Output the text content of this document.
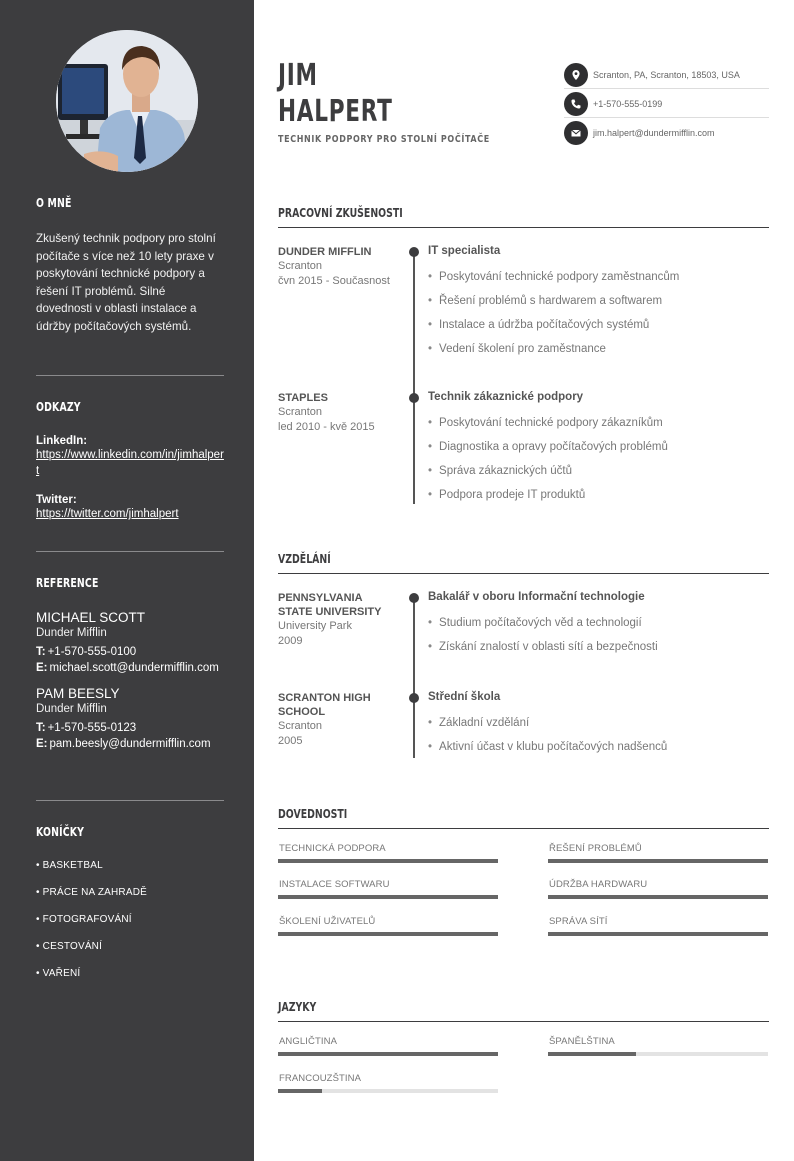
O MNĚ
Zkušený technik podpory pro stolní počítače s více než 10 lety praxe v poskytování technické podpory a řešení IT problémů. Silné dovednosti v oblasti instalace a údržby počítačových systémů.
ODKAZY
LinkedIn:
https://www.linkedin.com/in/jimhalpert
Twitter:
https://twitter.com/jimhalpert
REFERENCE
MICHAEL SCOTT
Dunder Mifflin
T: +1-570-555-0100
E: michael.scott@dundermifflin.com
PAM BEESLY
Dunder Mifflin
T: +1-570-555-0123
E: pam.beesly@dundermifflin.com
KONÍČKY
• BASKETBAL
• PRÁCE NA ZAHRADĚ
• FOTOGRAFOVÁNÍ
• CESTOVÁNÍ
• VAŘENÍ
JIM
HALPERT
TECHNIK PODPORY PRO STOLNÍ POČÍTAČE
Scranton, PA, Scranton, 18503, USA
+1-570-555-0199
jim.halpert@dundermifflin.com
PRACOVNÍ ZKUŠENOSTI
DUNDER MIFFLIN
Scranton
čvn 2015 - Současnost
IT specialista
• Poskytování technické podpory zaměstnancům
• Řešení problémů s hardwarem a softwarem
• Instalace a údržba počítačových systémů
• Vedení školení pro zaměstnance
STAPLES
Scranton
led 2010 - kvě 2015
Technik zákaznické podpory
• Poskytování technické podpory zákazníkům
• Diagnostika a opravy počítačových problémů
• Správa zákaznických účtů
• Podpora prodeje IT produktů
VZDĚLÁNÍ
PENNSYLVANIA STATE UNIVERSITY
University Park
2009
Bakalář v oboru Informační technologie
• Studium počítačových věd a technologií
• Získání znalostí v oblasti sítí a bezpečnosti
SCRANTON HIGH SCHOOL
Scranton
2005
Střední škola
• Základní vzdělání
• Aktivní účast v klubu počítačových nadšenců
DOVEDNOSTI
TECHNICKÁ PODPORA	ŘEŠENÍ PROBLÉMŮ
INSTALACE SOFTWARU	ÚDRŽBA HARDWARU
ŠKOLENÍ UŽIVATELŮ	SPRÁVA SÍTÍ
JAZYKY
ANGLIČTINA	ŠPANĚLŠTINA
FRANCOUZŠTINA
